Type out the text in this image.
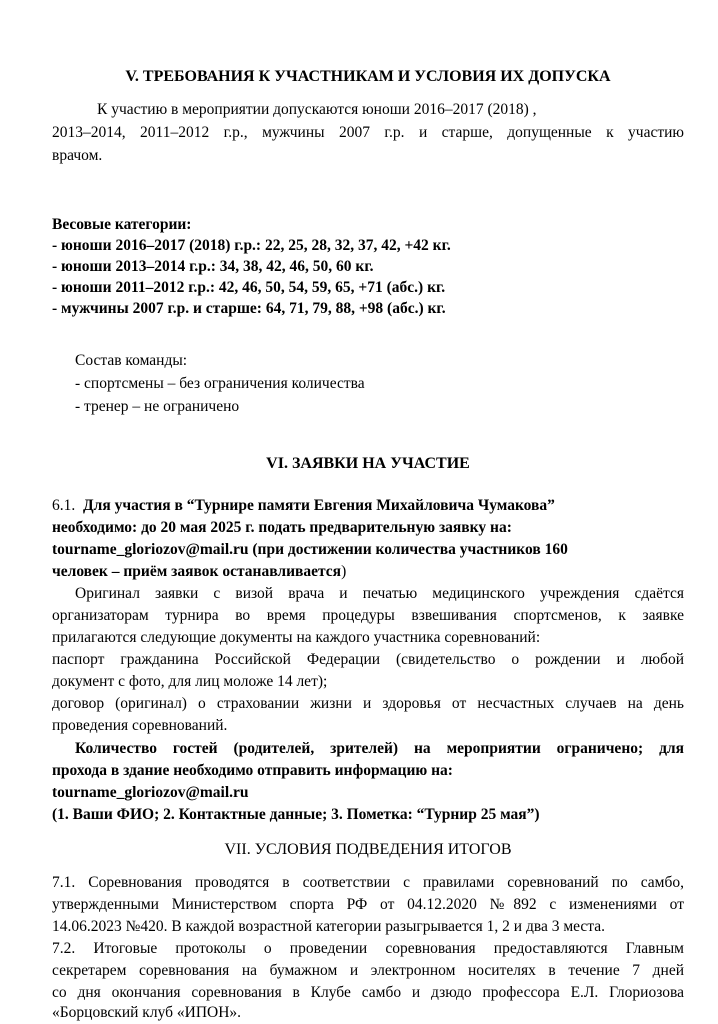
V. ТРЕБОВАНИЯ К УЧАСТНИКАМ И УСЛОВИЯ ИХ ДОПУСКА
К участию в мероприятии допускаются юноши 2016–2017 (2018) ,
2013–2014, 2011–2012 г.р., мужчины 2007 г.р. и старше, допущенные к участию
врачом.
Весовые категории:
- юноши 2016–2017 (2018) г.р.: 22, 25, 28, 32, 37, 42, +42 кг.
- юноши 2013–2014 г.р.: 34, 38, 42, 46, 50, 60 кг.
- юноши 2011–2012 г.р.: 42, 46, 50, 54, 59, 65, +71 (абс.) кг.
- мужчины 2007 г.р. и старше: 64, 71, 79, 88, +98 (абс.) кг.
Состав команды:
- спортсмены – без ограничения количества
- тренер – не ограничено
VI. ЗАЯВКИ НА УЧАСТИЕ
6.1. Для участия в “Турнире памяти Евгения Михайловича Чумакова”
необходимо: до 20 мая 2025 г. подать предварительную заявку на:
tourname_gloriozov@mail.ru (при достижении количества участников 160
человек – приём заявок останавливается)
Оригинал заявки с визой врача и печатью медицинского учреждения сдаётся
организаторам турнира во время процедуры взвешивания спортсменов, к заявке
прилагаются следующие документы на каждого участника соревнований:
паспорт гражданина Российской Федерации (свидетельство о рождении и любой
документ с фото, для лиц моложе 14 лет);
договор (оригинал) о страховании жизни и здоровья от несчастных случаев на день
проведения соревнований.
Количество гостей (родителей, зрителей) на мероприятии ограничено; для
прохода в здание необходимо отправить информацию на:
tourname_gloriozov@mail.ru
(1. Ваши ФИО; 2. Контактные данные; 3. Пометка: “Турнир 25 мая”)
VII. УСЛОВИЯ ПОДВЕДЕНИЯ ИТОГОВ
7.1. Соревнования проводятся в соответствии с правилами соревнований по самбо,
утвержденными Министерством спорта РФ от 04.12.2020 №892 с изменениями от
14.06.2023 №420. В каждой возрастной категории разыгрывается 1, 2 и два 3 места.
7.2. Итоговые протоколы о проведении соревнования предоставляются Главным
секретарем соревнования на бумажном и электронном носителях в течение 7 дней
со дня окончания соревнования в Клубе самбо и дзюдо профессора Е.Л. Глориозова
«Борцовский клуб «ИПОН».
